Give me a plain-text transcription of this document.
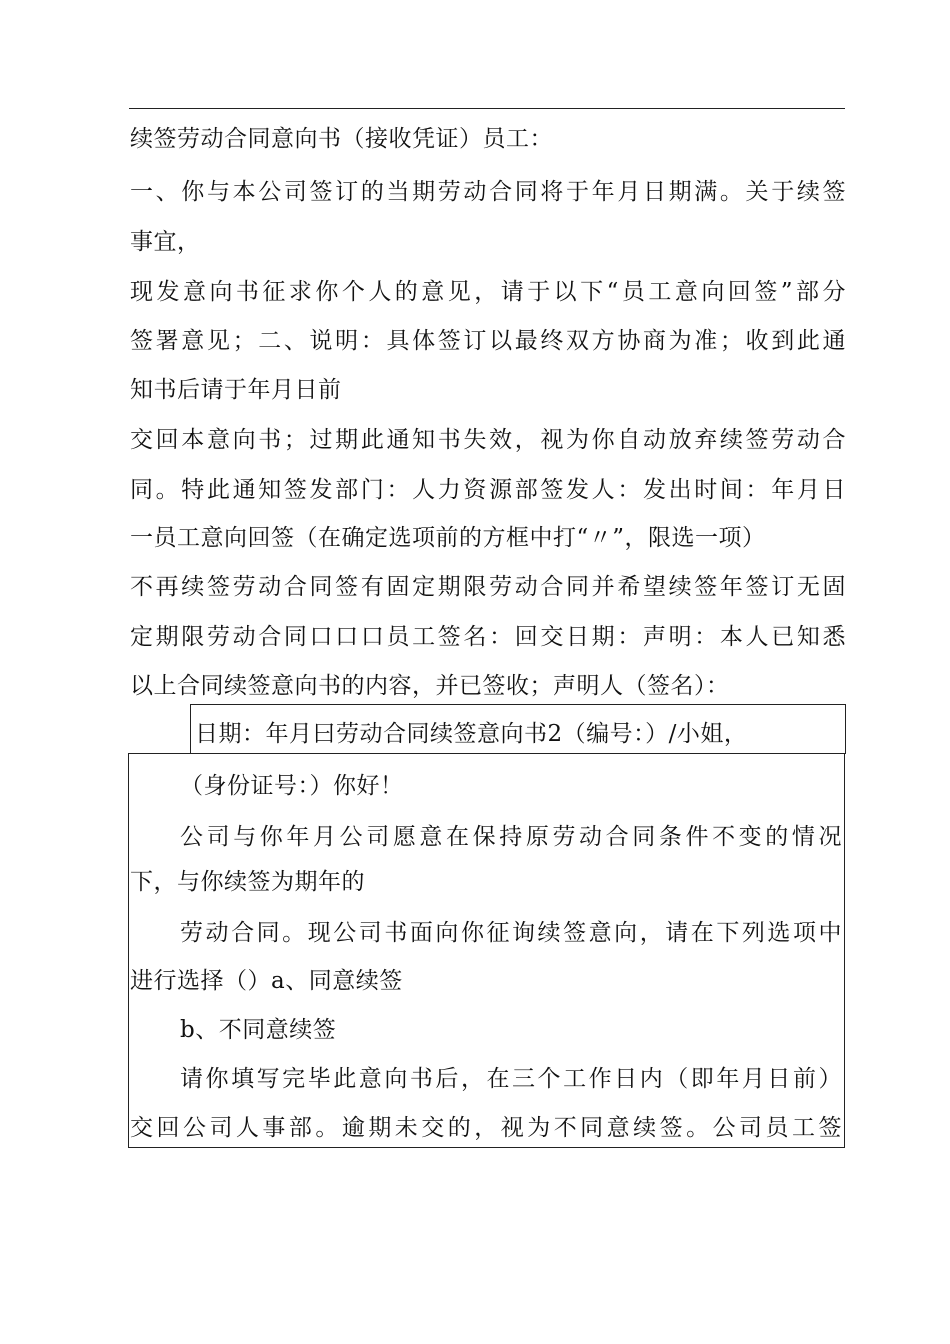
续签劳动合同意向书（接收凭证）员工：
一、你与本公司签订的当期劳动合同将于年月日期满。关于续签
事宜，
现发意向书征求你个人的意见，请于以下“员工意向回签”部分
签署意见；二、说明：具体签订以最终双方协商为准；收到此通
知书后请于年月日前
交回本意向书；过期此通知书失效，视为你自动放弃续签劳动合
同。特此通知签发部门：人力资源部签发人：发出时间：年月日
一员工意向回签（在确定选项前的方框中打“〃”，限选一项）
不再续签劳动合同签有固定期限劳动合同并希望续签年签订无固
定期限劳动合同口口口员工签名：回交日期：声明：本人已知悉
以上合同续签意向书的内容，并已签收；声明人（签名）：
日期：年月曰劳动合同续签意向书2（编号：）/小姐，
（身份证号：）你好！
公司与你年月公司愿意在保持原劳动合同条件不变的情况
下，与你续签为期年的
劳动合同。现公司书面向你征询续签意向，请在下列选项中
进行选择（）a、同意续签
b、不同意续签
请你填写完毕此意向书后，在三个工作日内（即年月日前）
交回公司人事部。逾期未交的，视为不同意续签。公司员工签
